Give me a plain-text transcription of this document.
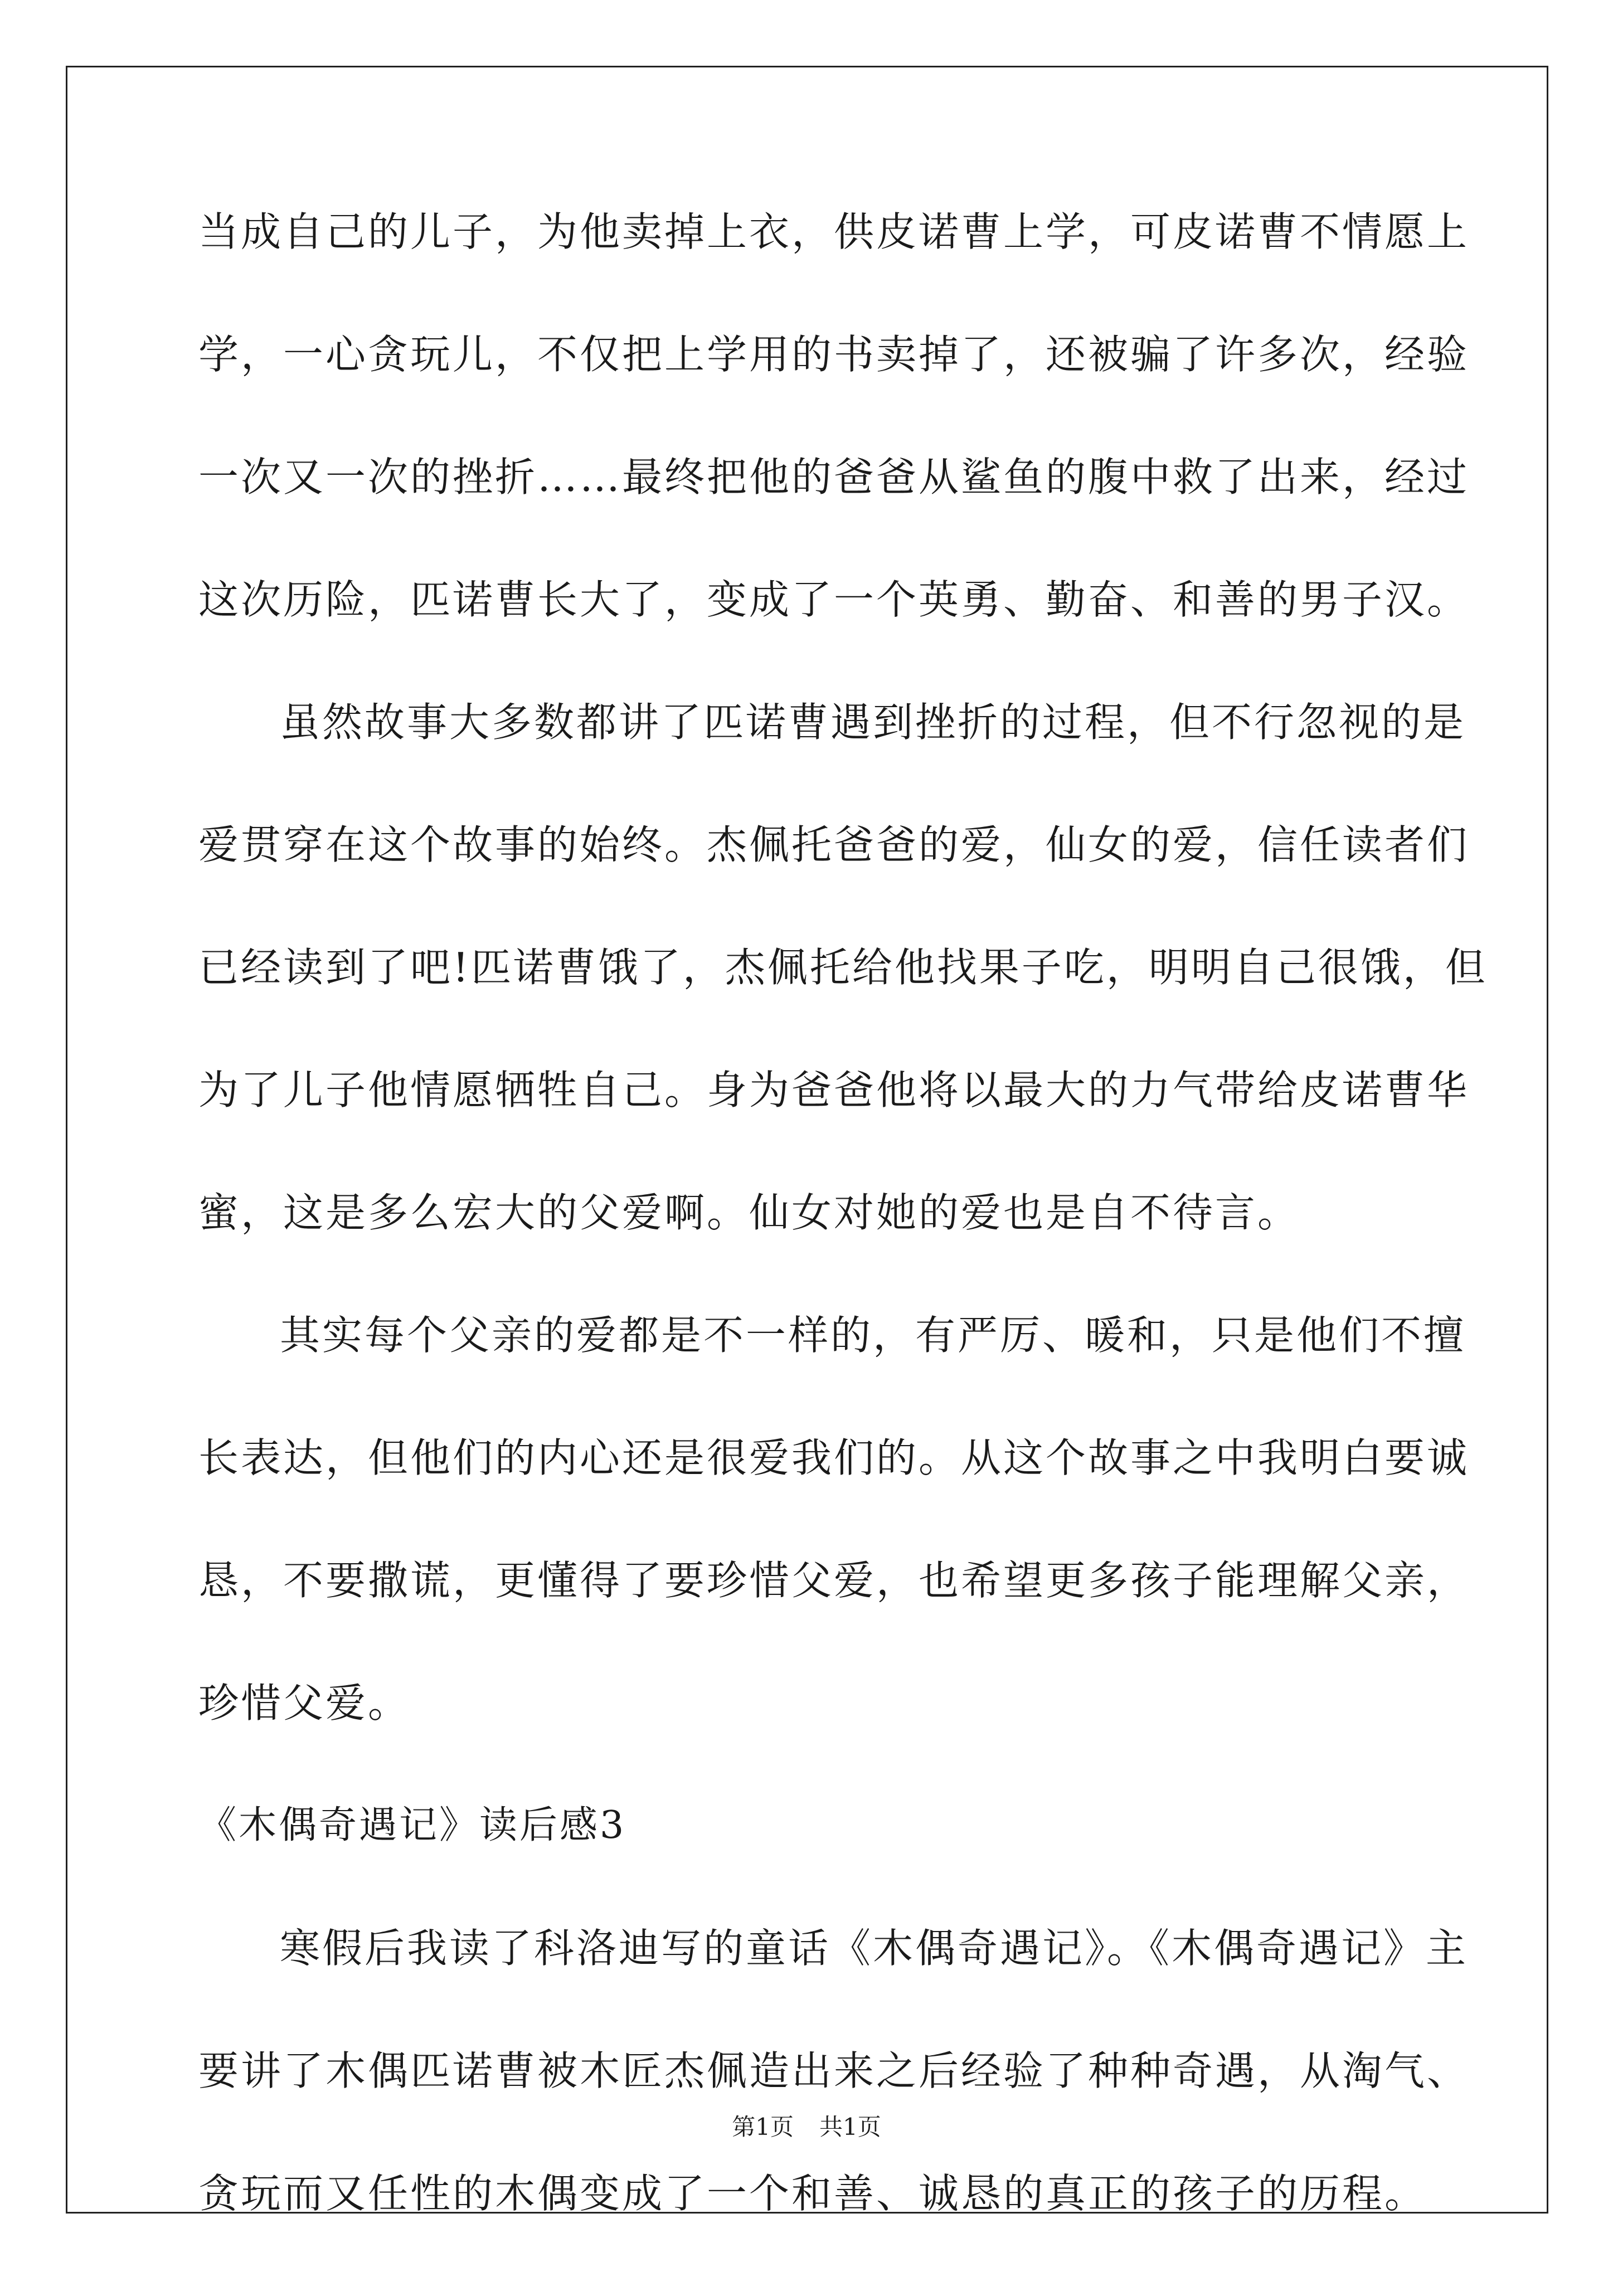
当成自己的儿子，为他卖掉上衣，供皮诺曹上学，可皮诺曹不情愿上
学，一心贪玩儿，不仅把上学用的书卖掉了，还被骗了许多次，经验
一次又一次的挫折……最终把他的爸爸从鲨鱼的腹中救了出来，经过
这次历险，匹诺曹长大了，变成了一个英勇、勤奋、和善的男子汉。
虽然故事大多数都讲了匹诺曹遇到挫折的过程，但不行忽视的是
爱贯穿在这个故事的始终。杰佩托爸爸的爱，仙女的爱，信任读者们
已经读到了吧!匹诺曹饿了，杰佩托给他找果子吃，明明自己很饿，但
为了儿子他情愿牺牲自己。身为爸爸他将以最大的力气带给皮诺曹华
蜜，这是多么宏大的父爱啊。仙女对她的爱也是自不待言。
其实每个父亲的爱都是不一样的，有严厉、暖和，只是他们不擅
长表达，但他们的内心还是很爱我们的。从这个故事之中我明白要诚
恳，不要撒谎，更懂得了要珍惜父爱，也希望更多孩子能理解父亲，
珍惜父爱。
《木偶奇遇记》读后感3
寒假后我读了科洛迪写的童话《木偶奇遇记》。《木偶奇遇记》主
要讲了木偶匹诺曹被木匠杰佩造出来之后经验了种种奇遇，从淘气、
贪玩而又任性的木偶变成了一个和善、诚恳的真正的孩子的历程。
第1页 共1页
